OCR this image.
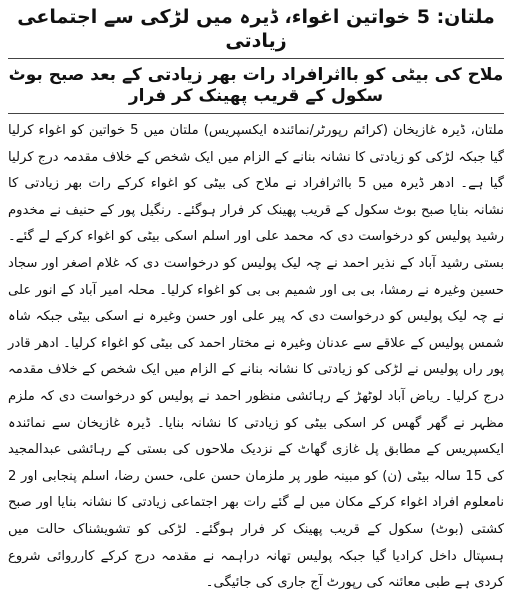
ملتان: 5 خواتین اغواء، ڈیرہ میں لڑکی سے اجتماعی زیادتی
ملاح کی بیٹی کو بااثرافراد رات بھر زیادتی کے بعد صبح بوٹ سکول کے قریب پھینک کر فرار

ملتان، ڈیرہ غازیخان (کرائم رپورٹر/نمائندہ ایکسپریس) ملتان میں 5 خواتین کو اغواء کرلیا گیا جبکہ لڑکی کو زیادتی کا نشانہ بنانے کے الزام میں ایک شخص کے خلاف مقدمہ درج کرلیا گیا ہے۔ ادھر ڈیرہ میں 5 بااثرافراد نے ملاح کی بیٹی کو اغواء کرکے رات بھر زیادتی کا نشانہ بنایا صبح بوٹ سکول کے قریب پھینک کر فرار ہوگئے۔ رنگیل پور کے حنیف نے مخدوم رشید پولیس کو درخواست دی کہ محمد علی اور اسلم اسکی بیٹی کو اغواء کرکے لے گئے۔ بستی رشید آباد کے نذیر احمد نے چہ لیک پولیس کو درخواست دی کہ غلام اصغر اور سجاد حسین وغیرہ نے رمشا، بی بی اور شمیم بی بی کو اغواء کرلیا۔ محلہ امیر آباد کے انور علی نے چہ لیک پولیس کو درخواست دی کہ پیر علی اور حسن وغیرہ نے اسکی بیٹی جبکہ شاہ شمس پولیس کے علاقے سے عدنان وغیرہ نے مختار احمد کی بیٹی کو اغواء کرلیا۔ ادھر قادر پور راں پولیس نے لڑکی کو زیادتی کا نشانہ بنانے کے الزام میں ایک شخص کے خلاف مقدمہ درج کرلیا۔ ریاض آباد لوٹھڑ کے رہائشی منظور احمد نے پولیس کو درخواست دی کہ ملزم مظہر نے گھر گھس کر اسکی بیٹی کو زیادتی کا نشانہ بنایا۔ ڈیرہ غازیخان سے نمائندہ ایکسپریس کے مطابق پل غازی گھاٹ کے نزدیک ملاحوں کی بستی کے رہائشی عبدالمجید کی 15 سالہ بیٹی (ن) کو مبینہ طور پر ملزمان حسن علی، حسن رضا، اسلم پنجابی اور 2 نامعلوم افراد اغواء کرکے مکان میں لے گئے رات بھر اجتماعی زیادتی کا نشانہ بنایا اور صبح کشتی (بوٹ) سکول کے قریب پھینک کر فرار ہوگئے۔ لڑکی کو تشویشناک حالت میں ہسپتال داخل کرادیا گیا جبکہ پولیس تھانہ دراہمہ نے مقدمہ درج کرکے کارروائی شروع کردی ہے طبی معائنہ کی رپورٹ آج جاری کی جائیگی۔
